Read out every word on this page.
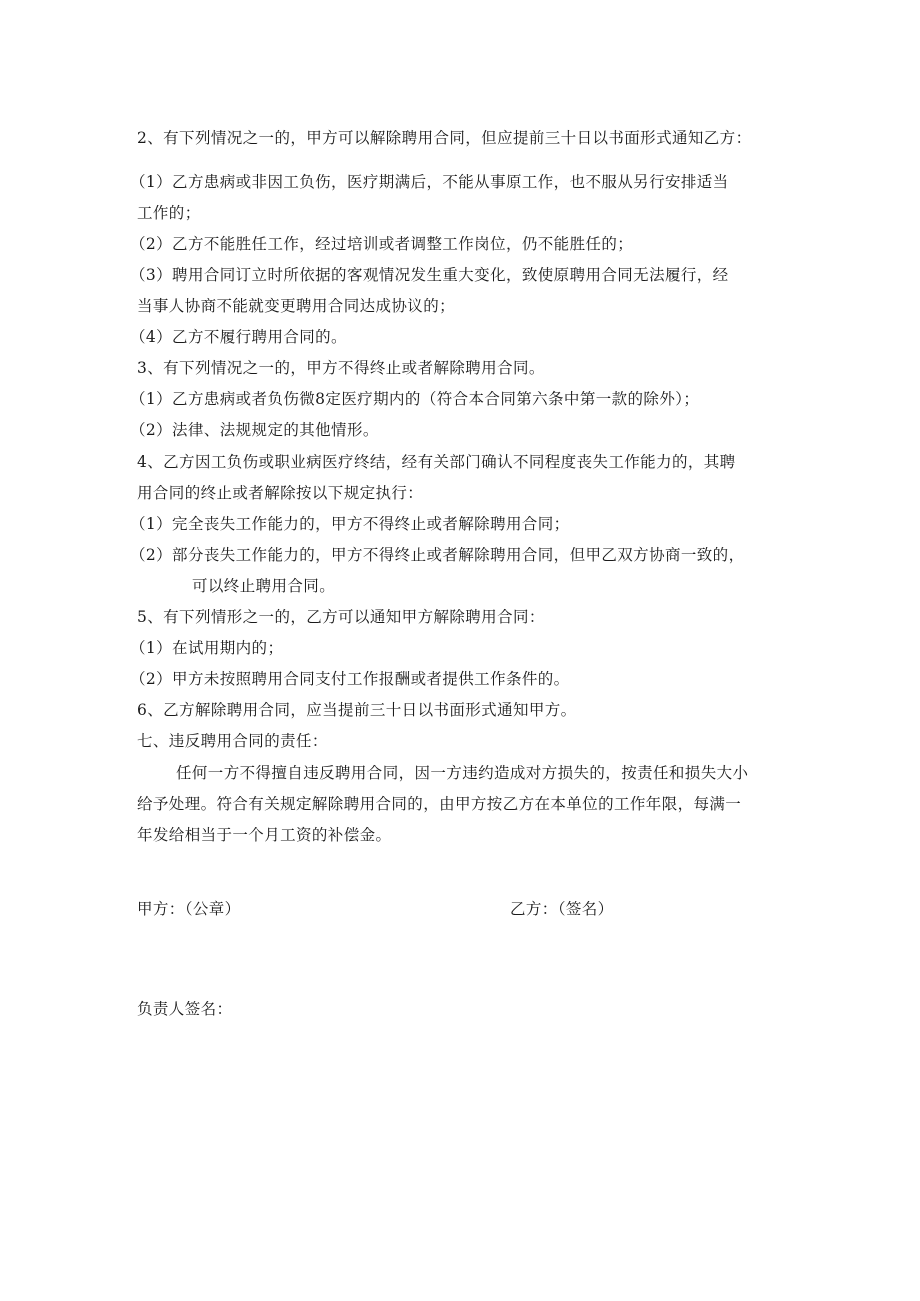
2、有下列情况之一的，甲方可以解除聘用合同，但应提前三十日以书面形式通知乙方：
（1）乙方患病或非因工负伤，医疗期满后，不能从事原工作，也不服从另行安排适当
工作的；
（2）乙方不能胜任工作，经过培训或者调整工作岗位，仍不能胜任的；
（3）聘用合同订立时所依据的客观情况发生重大变化，致使原聘用合同无法履行，经
当事人协商不能就变更聘用合同达成协议的；
（4）乙方不履行聘用合同的。
3、有下列情况之一的，甲方不得终止或者解除聘用合同。
（1）乙方患病或者负伤微8定医疗期内的（符合本合同第六条中第一款的除外）；
（2）法律、法规规定的其他情形。
4、乙方因工负伤或职业病医疗终结，经有关部门确认不同程度丧失工作能力的，其聘
用合同的终止或者解除按以下规定执行：
（1）完全丧失工作能力的，甲方不得终止或者解除聘用合同；
（2）部分丧失工作能力的，甲方不得终止或者解除聘用合同，但甲乙双方协商一致的，
可以终止聘用合同。
5、有下列情形之一的，乙方可以通知甲方解除聘用合同：
（1）在试用期内的；
（2）甲方未按照聘用合同支付工作报酬或者提供工作条件的。
6、乙方解除聘用合同，应当提前三十日以书面形式通知甲方。
七、违反聘用合同的责任：
任何一方不得擅自违反聘用合同，因一方违约造成对方损失的，按责任和损失大小
给予处理。符合有关规定解除聘用合同的，由甲方按乙方在本单位的工作年限，每满一
年发给相当于一个月工资的补偿金。
甲方：（公章）	乙方：（签名）
负责人签名：
